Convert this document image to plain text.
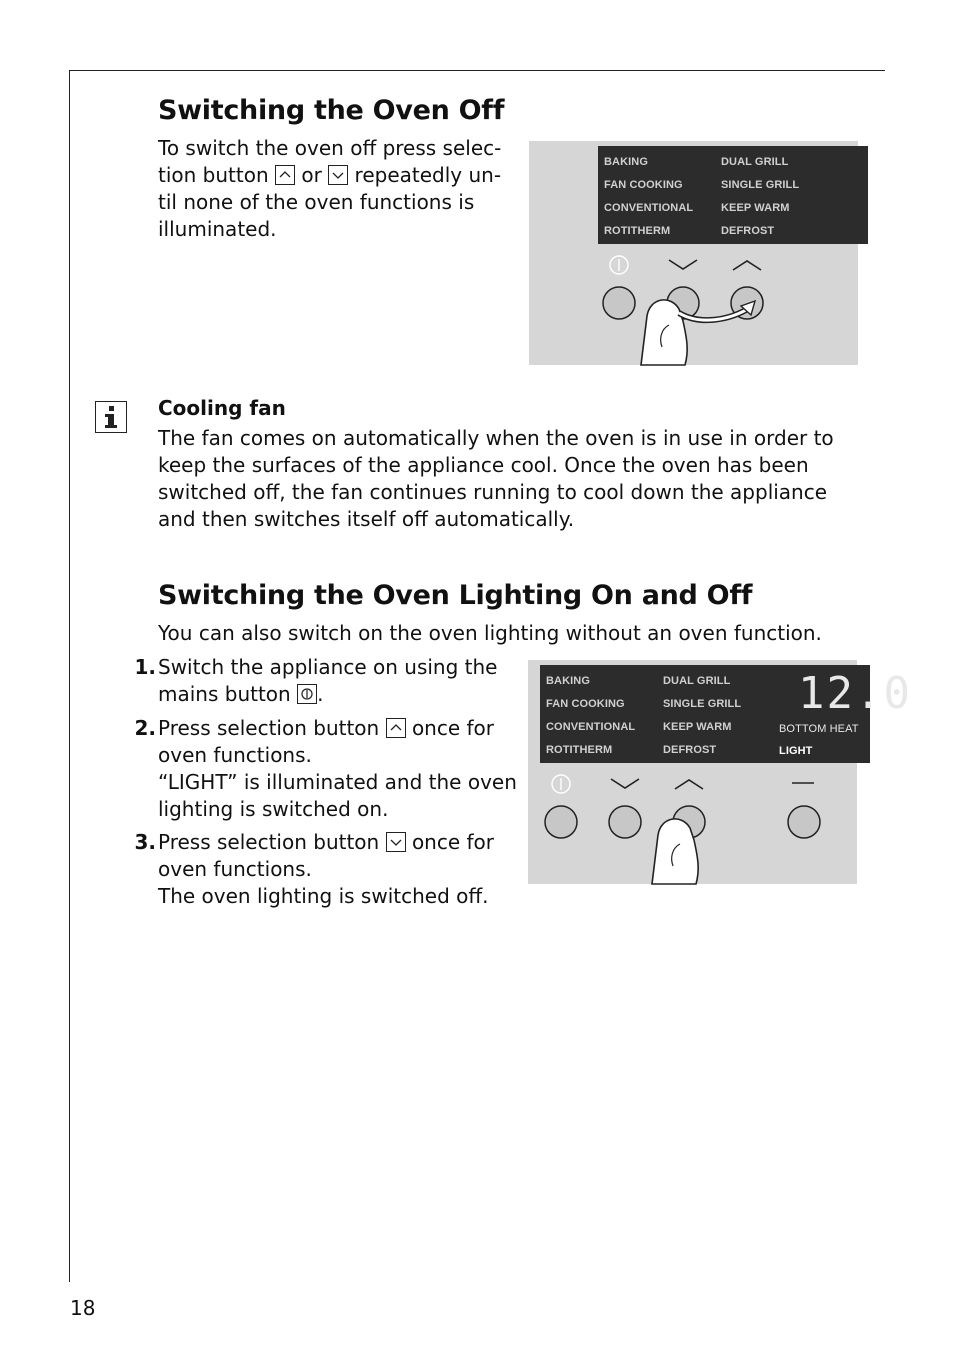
Switching the Oven Off
To switch the oven off press selec-
tion button or repeatedly un-
til none of the oven functions is
illuminated.
BAKING	DUAL GRILL
FAN COOKING	SINGLE GRILL
CONVENTIONAL	KEEP WARM
ROTITHERM	DEFROST
Cooling fan
The fan comes on automatically when the oven is in use in order to
keep the surfaces of the appliance cool. Once the oven has been
switched off, the fan continues running to cool down the appliance
and then switches itself off automatically.
Switching the Oven Lighting On and Off
You can also switch on the oven lighting without an oven function.
1. Switch the appliance on using the
mains button .
2. Press selection button once for
oven functions.
“LIGHT” is illuminated and the oven
lighting is switched on.
3. Press selection button once for
oven functions.
The oven lighting is switched off.
BAKING	DUAL GRILL
FAN COOKING	SINGLE GRILL
CONVENTIONAL	KEEP WARM
ROTITHERM	DEFROST
BOTTOM HEAT
LIGHT
12.0
18
